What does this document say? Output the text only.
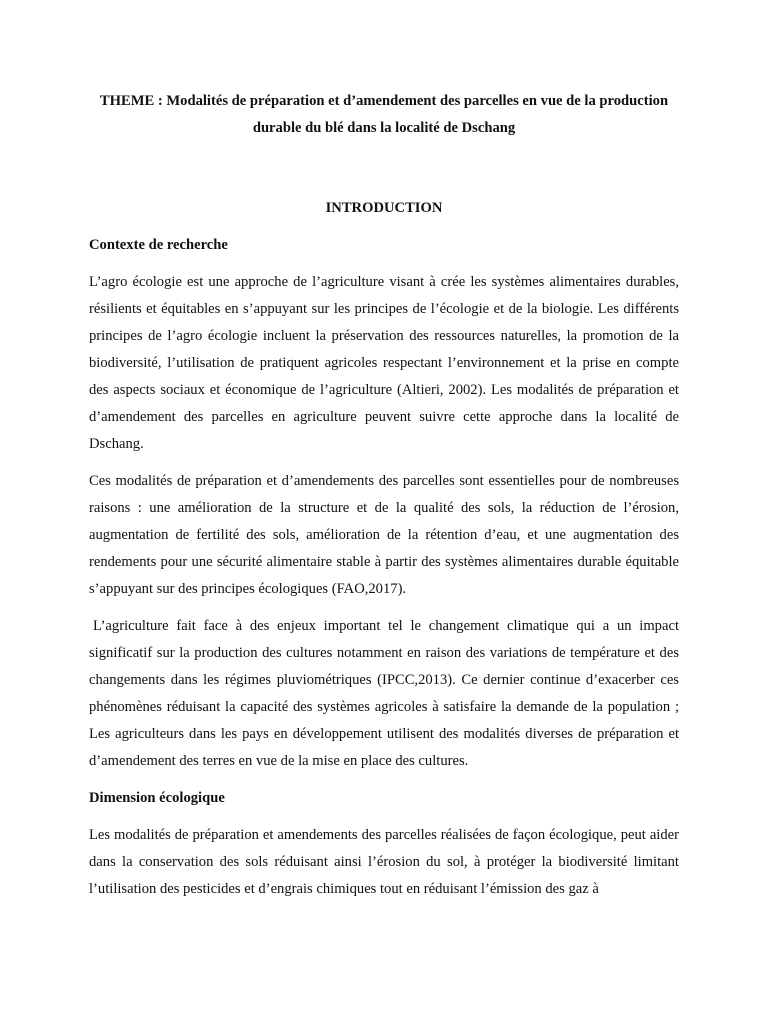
THEME : Modalités de préparation et d’amendement des parcelles en vue de la production durable du blé dans la localité de Dschang

INTRODUCTION

Contexte de recherche

L’agro écologie est une approche de l’agriculture visant à crée les systèmes alimentaires durables, résilients et équitables en s’appuyant sur les principes de l’écologie et de la biologie. Les différents principes de l’agro écologie incluent la préservation des ressources naturelles, la promotion de la biodiversité, l’utilisation de pratiquent agricoles respectant l’environnement et la prise en compte des aspects sociaux et économique de l’agriculture (Altieri, 2002). Les modalités de préparation et d’amendement des parcelles en agriculture peuvent suivre cette approche dans la localité de Dschang.

Ces modalités de préparation et d’amendements des parcelles sont essentielles pour de nombreuses raisons : une amélioration de la structure et de la qualité des sols, la réduction de l’érosion, augmentation de fertilité des sols, amélioration de la rétention d’eau, et une augmentation des rendements pour une sécurité alimentaire stable à partir des systèmes alimentaires durable équitable s’appuyant sur des principes écologiques (FAO,2017).

L’agriculture fait face à des enjeux important tel le changement climatique qui a un impact significatif sur la production des cultures notamment en raison des variations de température et des changements dans les régimes pluviométriques (IPCC,2013). Ce dernier continue d’exacerber ces phénomènes réduisant la capacité des systèmes agricoles à satisfaire la demande de la population ; Les agriculteurs dans les pays en développement utilisent des modalités diverses de préparation et d’amendement des terres en vue de la mise en place des cultures.

Dimension écologique

Les modalités de préparation et amendements des parcelles réalisées de façon écologique, peut aider dans la conservation des sols réduisant ainsi l’érosion du sol, à protéger la biodiversité limitant l’utilisation des pesticides et d’engrais chimiques tout en réduisant l’émission des gaz à
